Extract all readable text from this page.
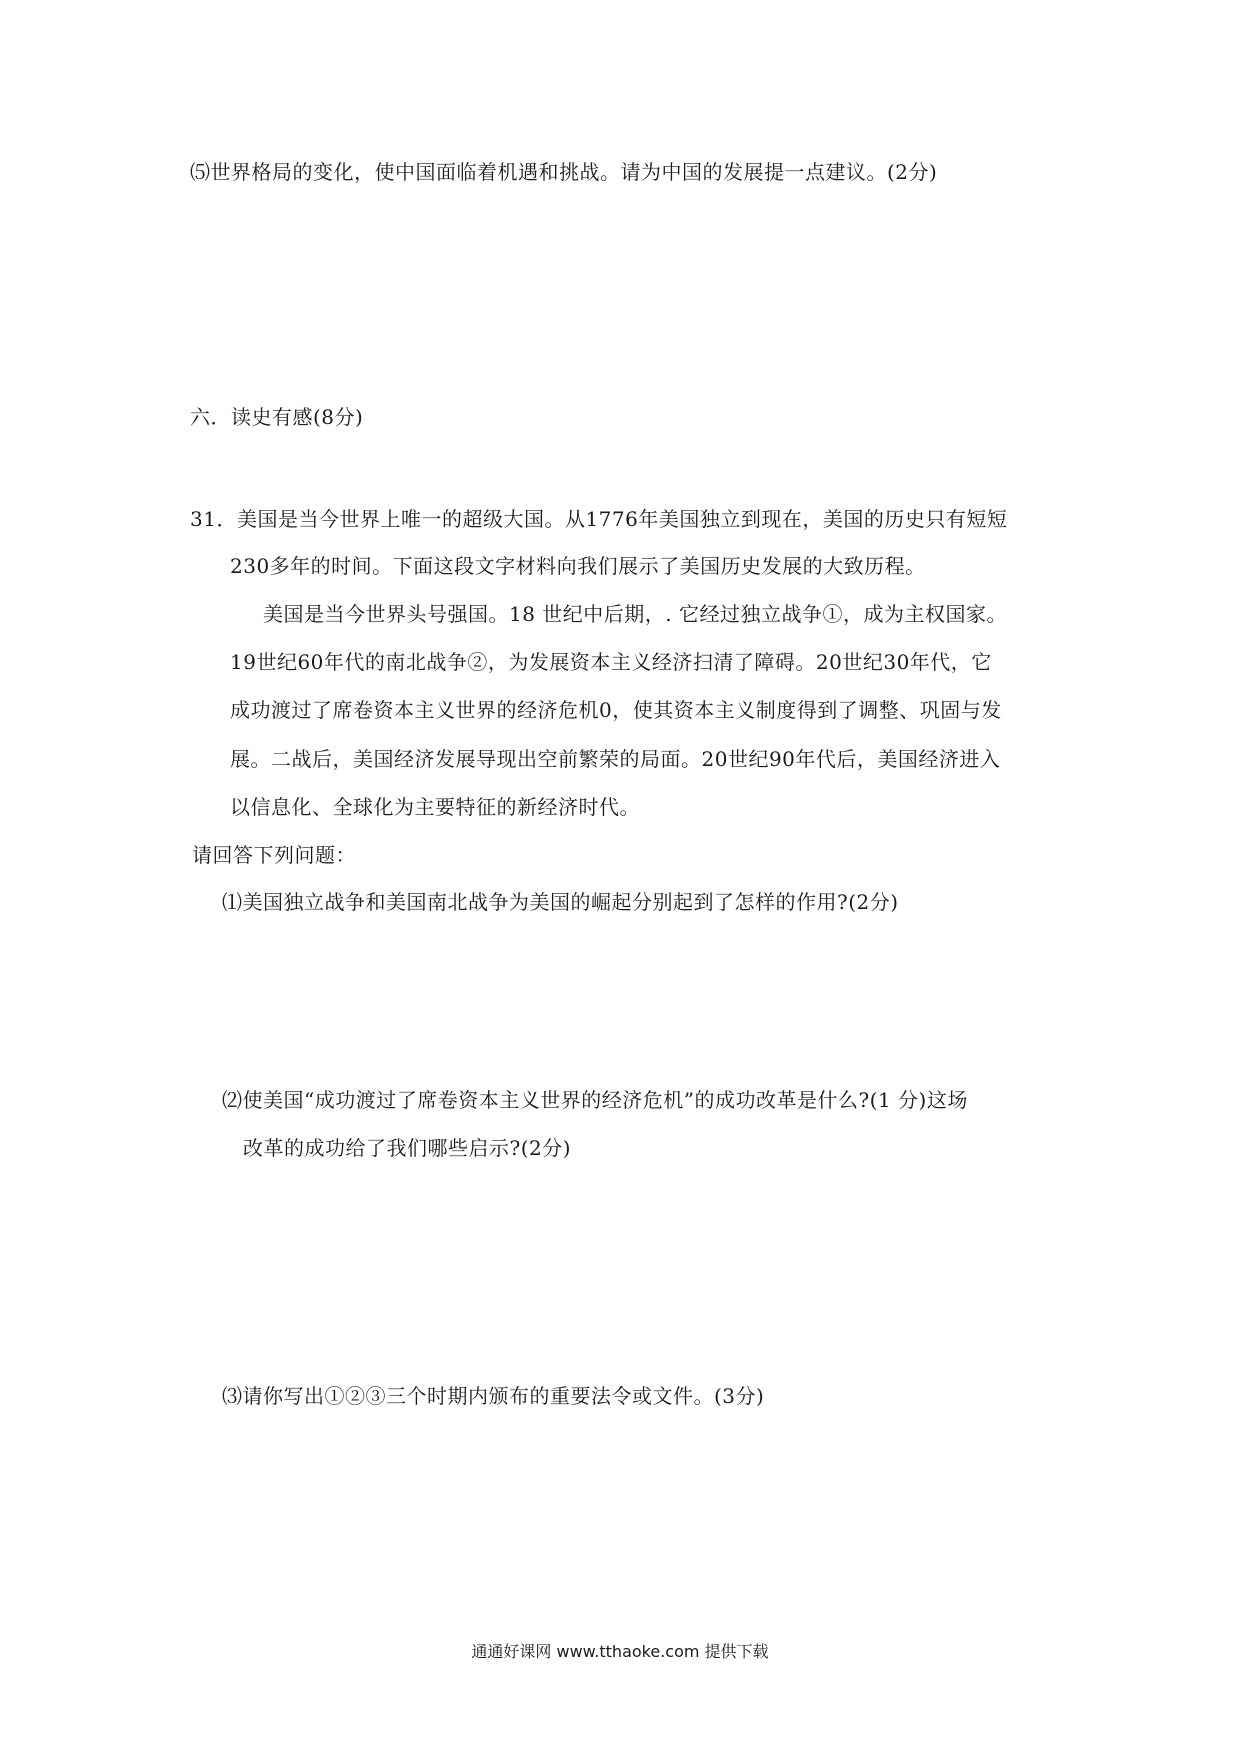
⑸世界格局的变化，使中国面临着机遇和挑战。请为中国的发展提一点建议。(2分)
六．读史有感(8分)
31．美国是当今世界上唯一的超级大国。从1776年美国独立到现在，美国的历史只有短短
230多年的时间。下面这段文字材料向我们展示了美国历史发展的大致历程。
美国是当今世界头号强国。18 世纪中后期，. 它经过独立战争①，成为主权国家。
19世纪60年代的南北战争②，为发展资本主义经济扫清了障碍。20世纪30年代，它
成功渡过了席卷资本主义世界的经济危机0，使其资本主义制度得到了调整、巩固与发
展。二战后，美国经济发展导现出空前繁荣的局面。20世纪90年代后，美国经济进入
以信息化、全球化为主要特征的新经济时代。
请回答下列问题：
⑴美国独立战争和美国南北战争为美国的崛起分别起到了怎样的作用?(2分)
⑵使美国“成功渡过了席卷资本主义世界的经济危机”的成功改革是什么?(1 分)这场
改革的成功给了我们哪些启示?(2分)
⑶请你写出①②③三个时期内颁布的重要法令或文件。(3分)
通通好课网 www.tthaoke.com 提供下载
